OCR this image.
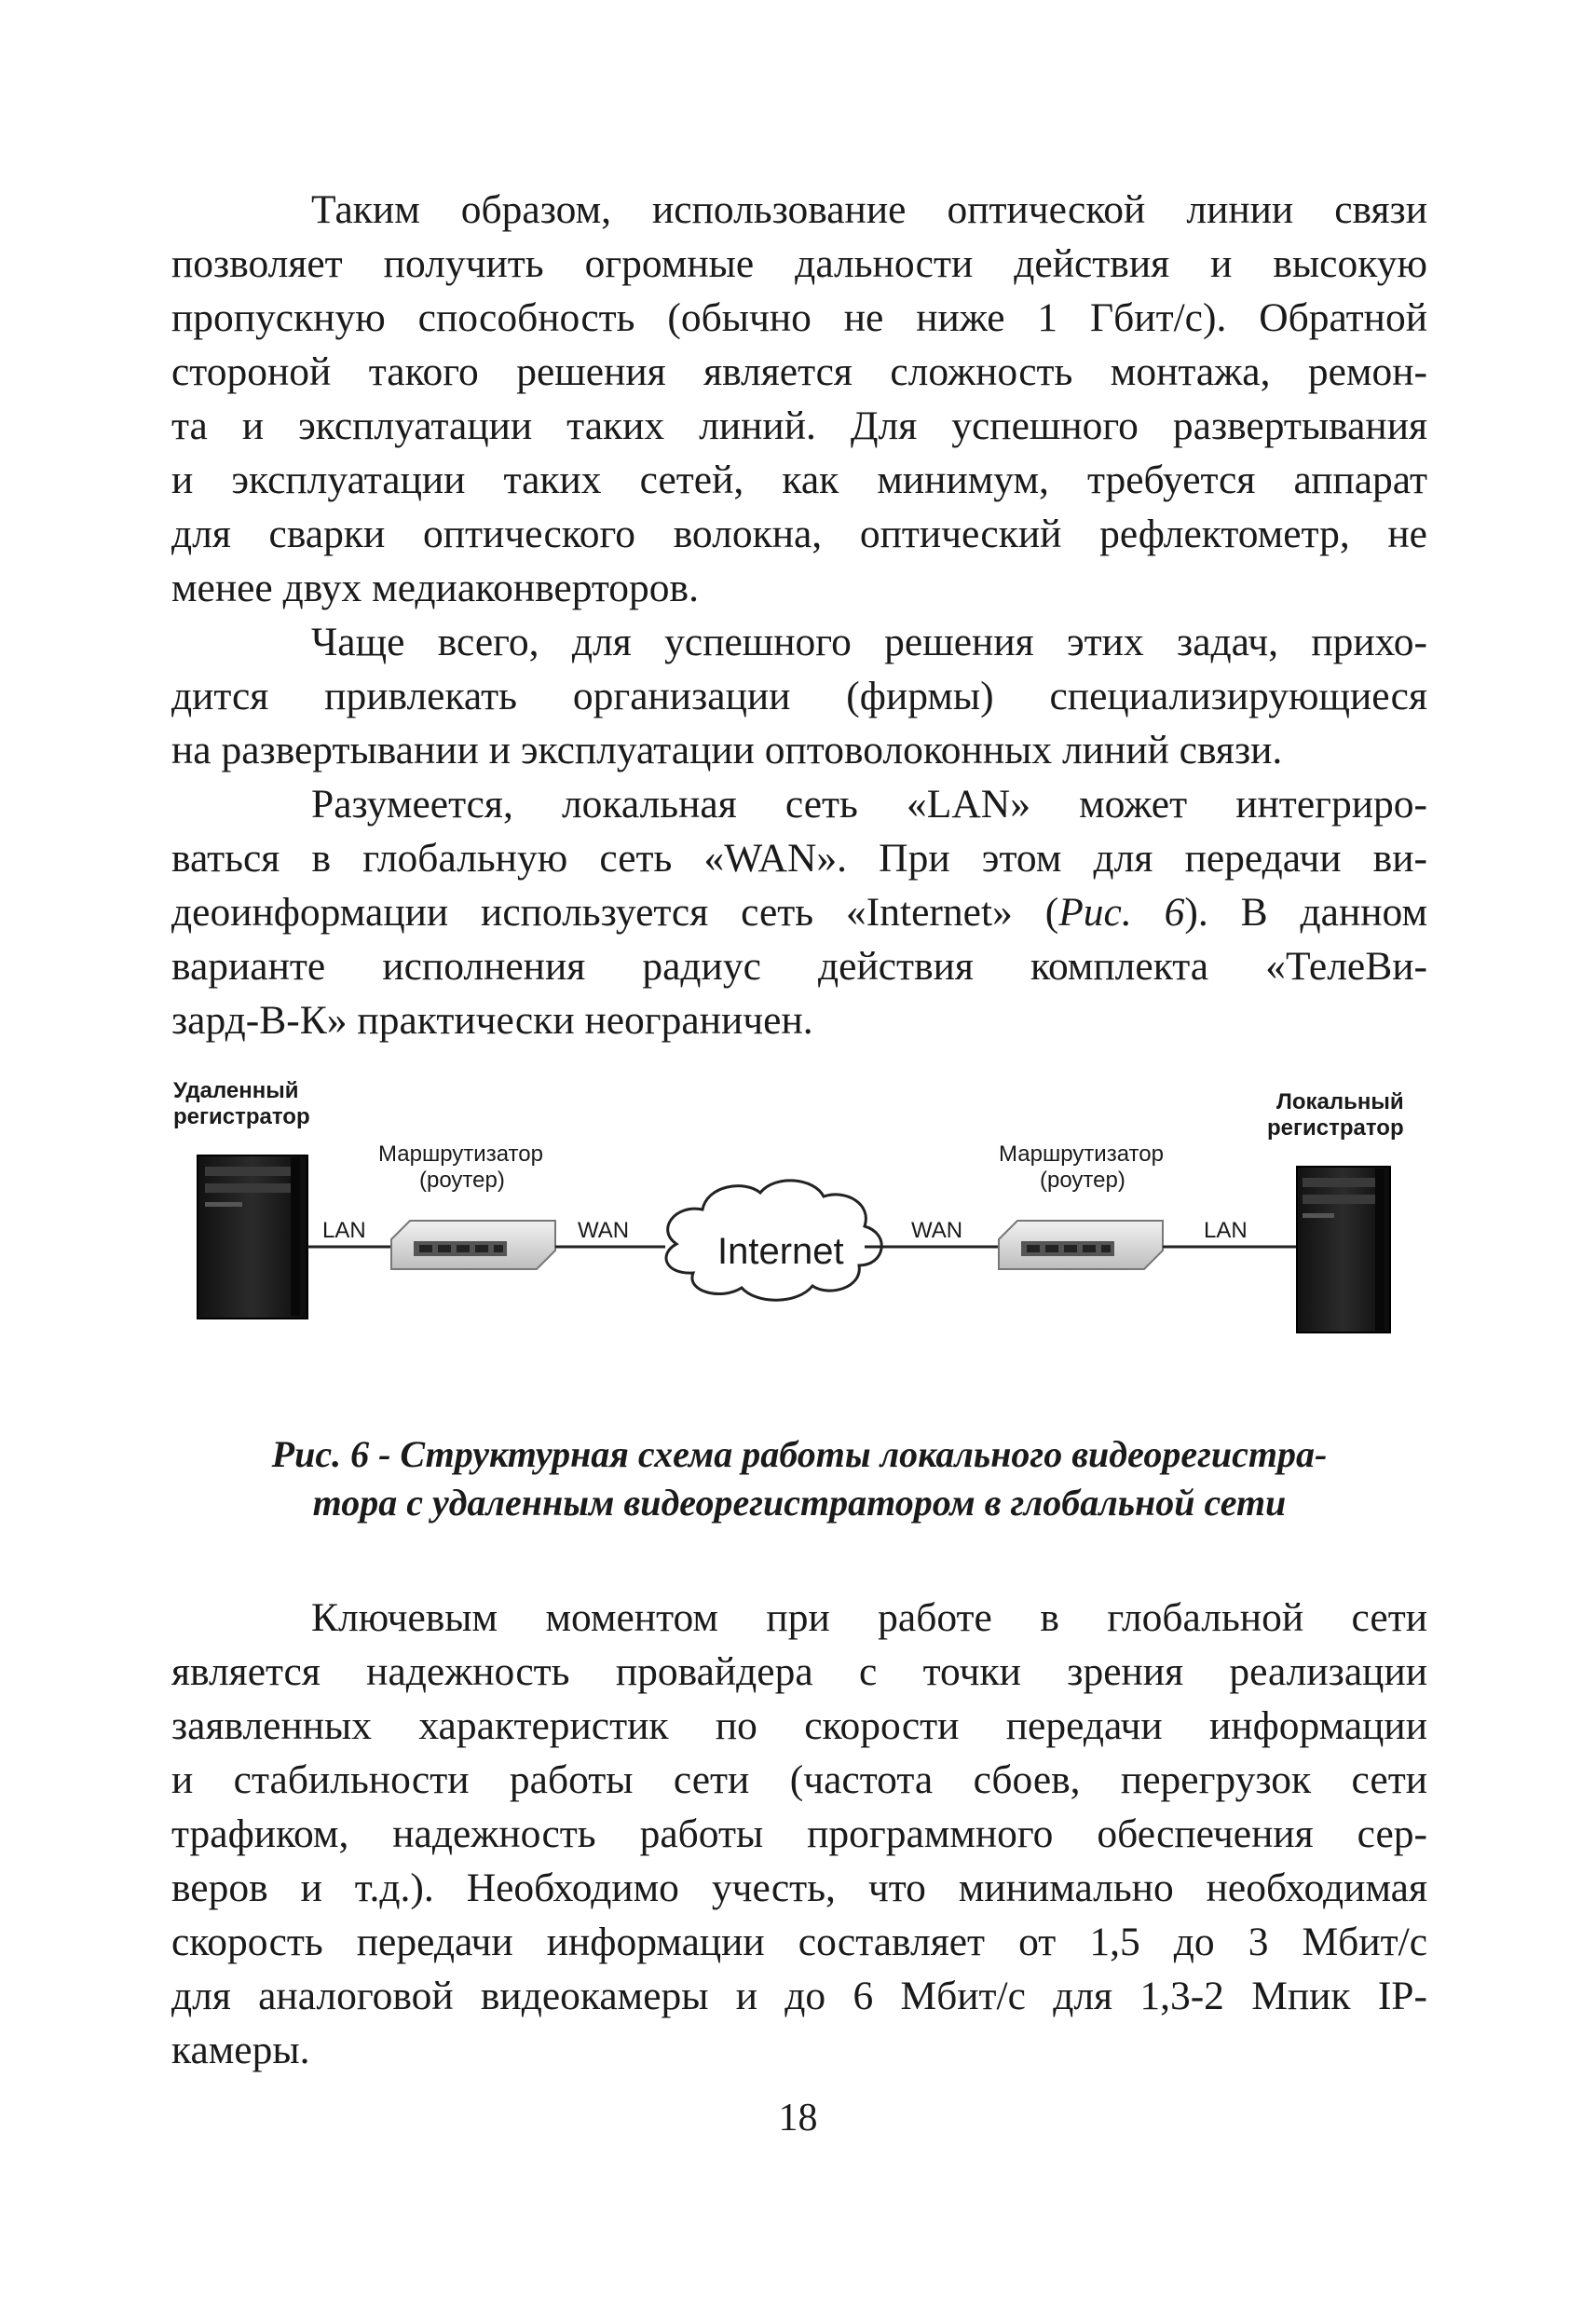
Таким образом, использование оптической линии связи
позволяет получить огромные дальности действия и высокую
пропускную способность (обычно не ниже 1 Гбит/с). Обратной
стороной такого решения является сложность монтажа, ремон-
та и эксплуатации таких линий. Для успешного развертывания
и эксплуатации таких сетей, как минимум, требуется аппарат
для сварки оптического волокна, оптический рефлектометр, не
менее двух медиаконверторов.
Чаще всего, для успешного решения этих задач, прихо-
дится привлекать организации (фирмы) специализирующиеся
на развертывании и эксплуатации оптоволоконных линий связи.
Разумеется, локальная сеть «LAN» может интегриро-
ваться в глобальную сеть «WAN». При этом для передачи ви-
деоинформации используется сеть «Internet» (Рис. 6). В данном
варианте исполнения радиус действия комплекта «ТелеВи-
зард-В-К» практически неограничен.
Удаленный
регистратор
LAN
Маршрутизатор
(роутер)
WAN
Internet
WAN
Маршрутизатор
(роутер)
LAN
Локальный
регистратор
Рис. 6 - Структурная схема работы локального видеорегистра-
тора с удаленным видеорегистратором в глобальной сети
Ключевым моментом при работе в глобальной сети
является надежность провайдера с точки зрения реализации
заявленных характеристик по скорости передачи информации
и стабильности работы сети (частота сбоев, перегрузок сети
трафиком, надежность работы программного обеспечения сер-
веров и т.д.). Необходимо учесть, что минимально необходимая
скорость передачи информации составляет от 1,5 до 3 Мбит/с
для аналоговой видеокамеры и до 6 Мбит/с для 1,3-2 Мпик IP-
камеры.
18
